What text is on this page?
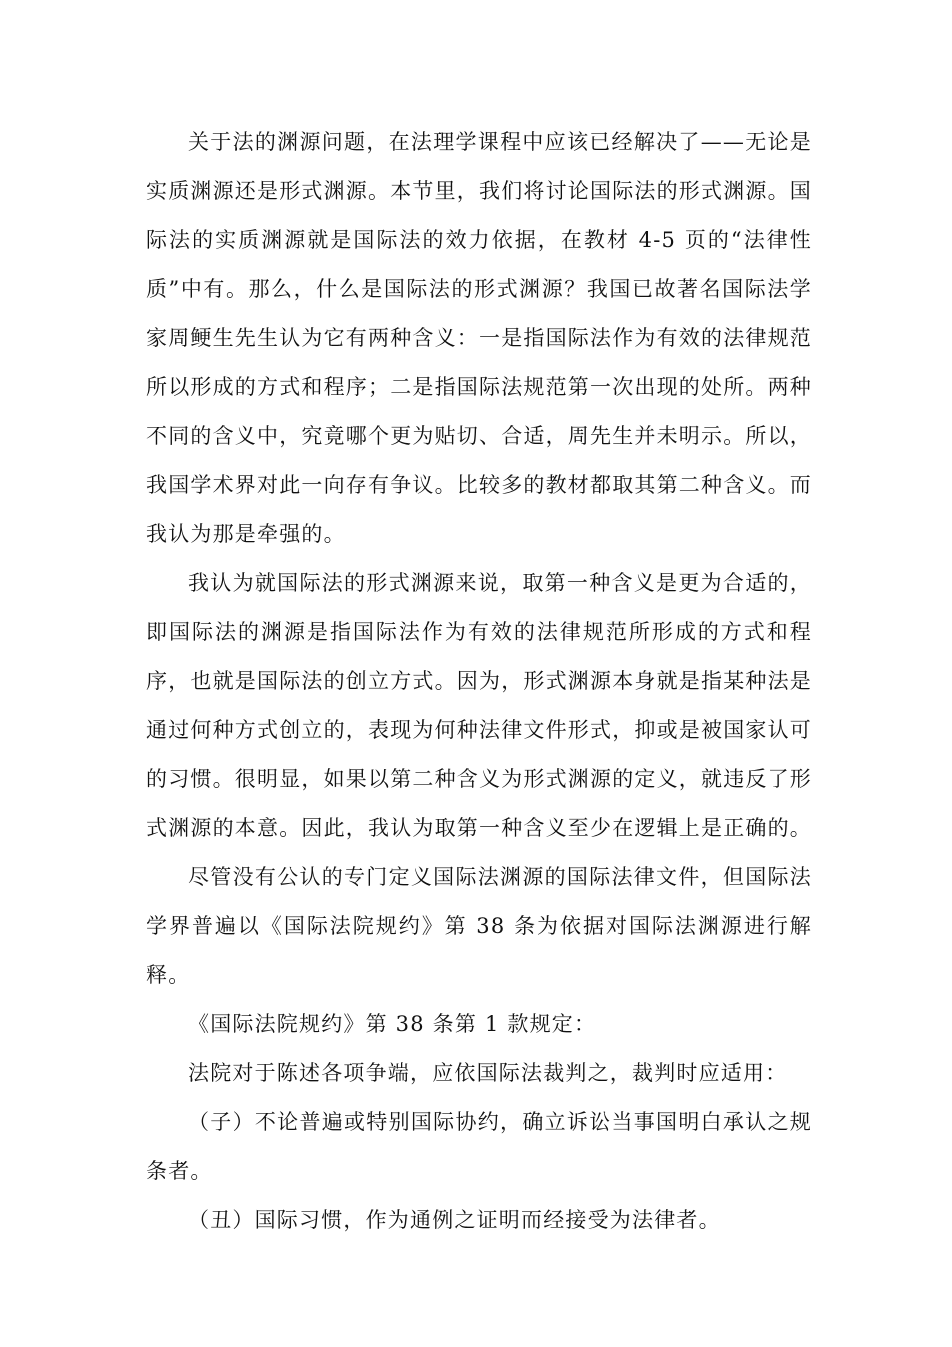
关于法的渊源问题，在法理学课程中应该已经解决了——无论是实质渊源还是形式渊源。本节里，我们将讨论国际法的形式渊源。国际法的实质渊源就是国际法的效力依据，在教材 4-5 页的“法律性质”中有。那么，什么是国际法的形式渊源？我国已故著名国际法学家周鲠生先生认为它有两种含义：一是指国际法作为有效的法律规范所以形成的方式和程序；二是指国际法规范第一次出现的处所。两种不同的含义中，究竟哪个更为贴切、合适，周先生并未明示。所以，我国学术界对此一向存有争议。比较多的教材都取其第二种含义。而我认为那是牵强的。

我认为就国际法的形式渊源来说，取第一种含义是更为合适的，即国际法的渊源是指国际法作为有效的法律规范所形成的方式和程序，也就是国际法的创立方式。因为，形式渊源本身就是指某种法是通过何种方式创立的，表现为何种法律文件形式，抑或是被国家认可的习惯。很明显，如果以第二种含义为形式渊源的定义，就违反了形式渊源的本意。因此，我认为取第一种含义至少在逻辑上是正确的。

尽管没有公认的专门定义国际法渊源的国际法律文件，但国际法学界普遍以《国际法院规约》第 38 条为依据对国际法渊源进行解释。

《国际法院规约》第 38 条第 1 款规定：

法院对于陈述各项争端，应依国际法裁判之，裁判时应适用：

（子）不论普遍或特别国际协约，确立诉讼当事国明白承认之规条者。

（丑）国际习惯，作为通例之证明而经接受为法律者。
